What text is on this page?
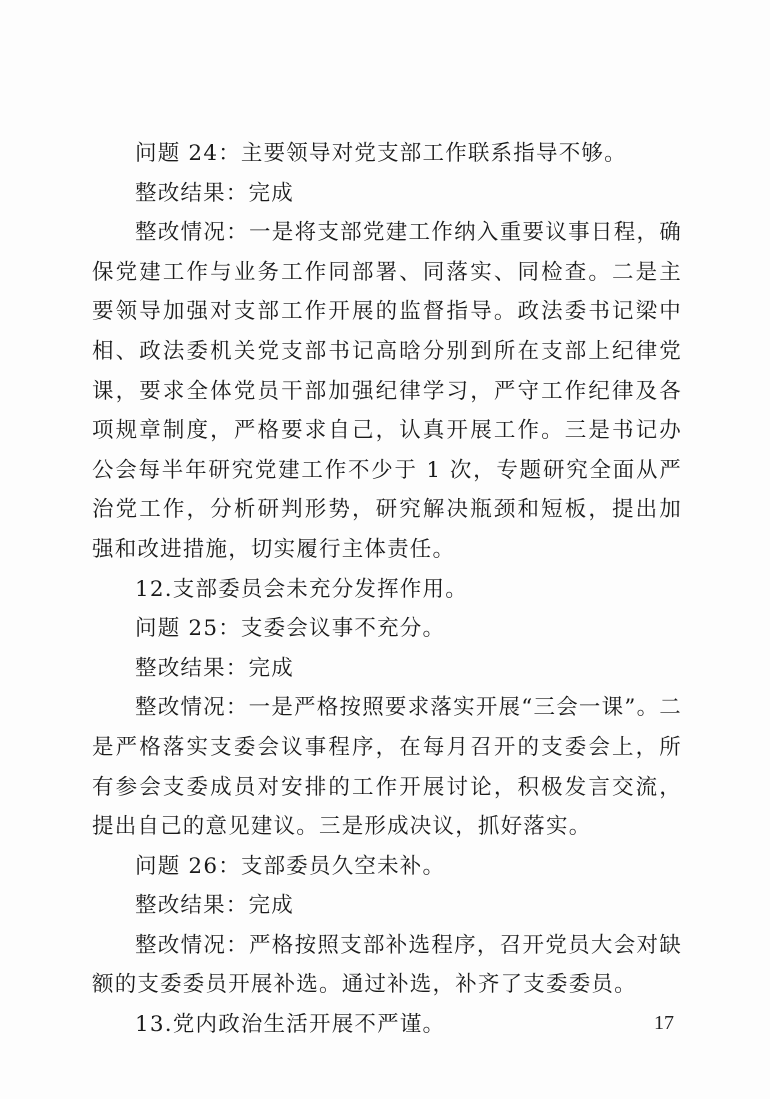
问题 24：主要领导对党支部工作联系指导不够。

整改结果：完成

整改情况：一是将支部党建工作纳入重要议事日程，确保党建工作与业务工作同部署、同落实、同检查。二是主要领导加强对支部工作开展的监督指导。政法委书记梁中相、政法委机关党支部书记高晗分别到所在支部上纪律党课，要求全体党员干部加强纪律学习，严守工作纪律及各项规章制度，严格要求自己，认真开展工作。三是书记办公会每半年研究党建工作不少于 1 次，专题研究全面从严治党工作，分析研判形势，研究解决瓶颈和短板，提出加强和改进措施，切实履行主体责任。

12.支部委员会未充分发挥作用。

问题 25：支委会议事不充分。

整改结果：完成

整改情况：一是严格按照要求落实开展“三会一课”。二是严格落实支委会议事程序，在每月召开的支委会上，所有参会支委成员对安排的工作开展讨论，积极发言交流，提出自己的意见建议。三是形成决议，抓好落实。

问题 26：支部委员久空未补。

整改结果：完成

整改情况：严格按照支部补选程序，召开党员大会对缺额的支委委员开展补选。通过补选，补齐了支委委员。

13.党内政治生活开展不严谨。	17
